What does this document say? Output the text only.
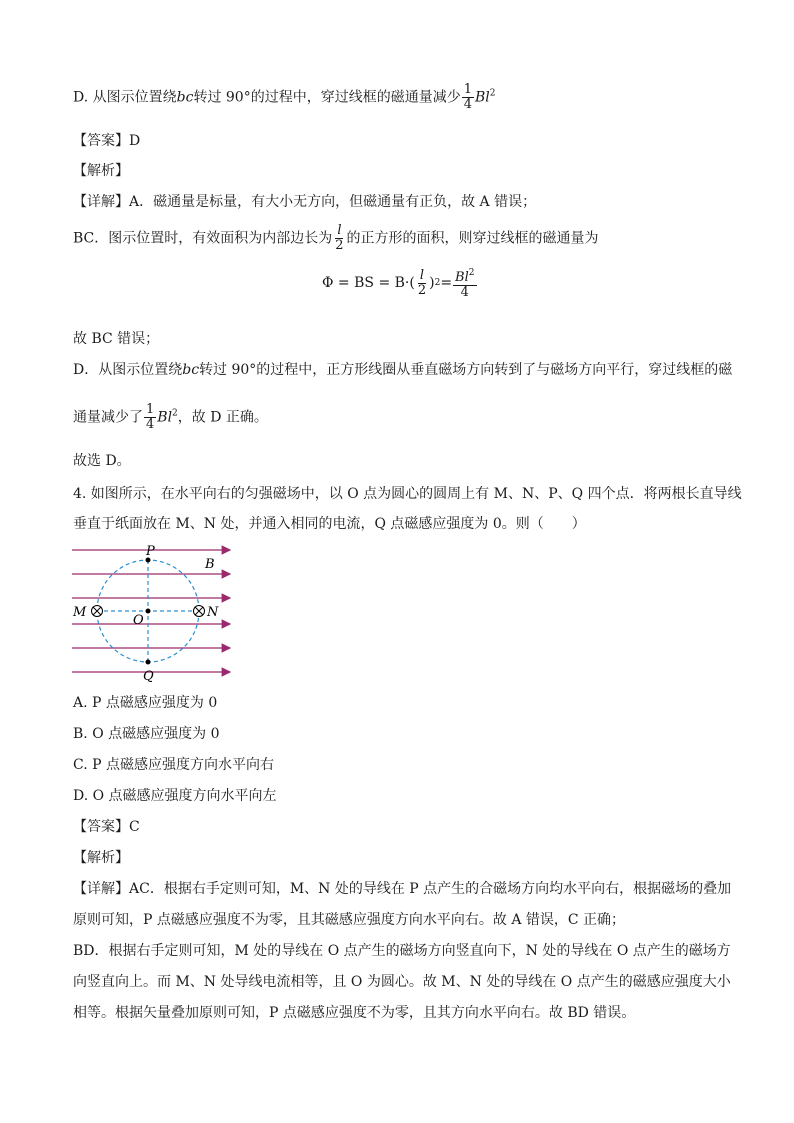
D. 从图示位置绕bc转过 90°的过程中，穿过线框的磁通量减少 $\frac{1}{4} Bl^2$
【答案】D
【解析】
【详解】A．磁通量是标量，有大小无方向，但磁通量有正负，故 A 错误；
BC．图示位置时，有效面积为内部边长为 $\frac{l}{2}$ 的正方形的面积，则穿过线框的磁通量为
Φ = BS = $B\cdot( \frac{l}{2}$ ) $2 = \frac{Bl^2}{4}$
故 BC 错误；
D．从图示位置绕bc转过 90°的过程中，正方形线圈从垂直磁场方向转到了与磁场方向平行，穿过线框的磁
通量减少了 $\frac{1}{4} Bl^2$，故 D 正确。
故选 D。
4. 如图所示，在水平向右的匀强磁场中，以 O 点为圆心的圆周上有 M、N、P、Q 四个点．将两根长直导线
垂直于纸面放在 M、N 处，并通入相同的电流，Q 点磁感应强度为 0。则（　　）
P
B
M	N
O
Q
A. P 点磁感应强度为 0
B. O 点磁感应强度为 0
C. P 点磁感应强度方向水平向右
D. O 点磁感应强度方向水平向左
【答案】C
【解析】
【详解】AC．根据右手定则可知，M、N 处的导线在 P 点产生的合磁场方向均水平向右，根据磁场的叠加
原则可知，P 点磁感应强度不为零，且其磁感应强度方向水平向右。故 A 错误，C 正确；
BD．根据右手定则可知，M 处的导线在 O 点产生的磁场方向竖直向下，N 处的导线在 O 点产生的磁场方
向竖直向上。而 M、N 处导线电流相等，且 O 为圆心。故 M、N 处的导线在 O 点产生的磁感应强度大小
相等。根据矢量叠加原则可知，P 点磁感应强度不为零，且其方向水平向右。故 BD 错误。
